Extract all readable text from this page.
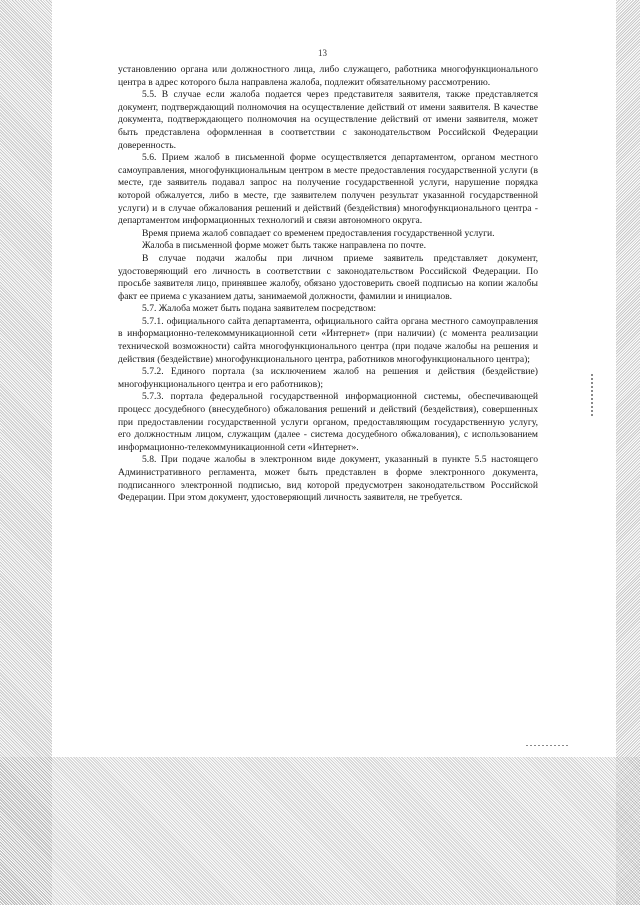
13

установлению органа или должностного лица, либо служащего, работника многофункционального центра в адрес которого была направлена жалоба, подлежит обязательному рассмотрению.

5.5. В случае если жалоба подается через представителя заявителя, также представляется документ, подтверждающий полномочия на осуществление действий от имени заявителя. В качестве документа, подтверждающего полномочия на осуществление действий от имени заявителя, может быть представлена оформленная в соответствии с законодательством Российской Федерации доверенность.

5.6. Прием жалоб в письменной форме осуществляется департаментом, органом местного самоуправления, многофункциональным центром в месте предоставления государственной услуги (в месте, где заявитель подавал запрос на получение государственной услуги, нарушение порядка которой обжалуется, либо в месте, где заявителем получен результат указанной государственной услуги) и в случае обжалования решений и действий (бездействия) многофункционального центра - департаментом информационных технологий и связи автономного округа.

Время приема жалоб совпадает со временем предоставления государственной услуги.

Жалоба в письменной форме может быть также направлена по почте.

В случае подачи жалобы при личном приеме заявитель представляет документ, удостоверяющий его личность в соответствии с законодательством Российской Федерации. По просьбе заявителя лицо, принявшее жалобу, обязано удостоверить своей подписью на копии жалобы факт ее приема с указанием даты, занимаемой должности, фамилии и инициалов.

5.7. Жалоба может быть подана заявителем посредством:

5.7.1. официального сайта департамента, официального сайта органа местного самоуправления в информационно-телекоммуникационной сети «Интернет» (при наличии) (с момента реализации технической возможности) сайта многофункционального центра (при подаче жалобы на решения и действия (бездействие) многофункционального центра, работников многофункционального центра);

5.7.2. Единого портала (за исключением жалоб на решения и действия (бездействие) многофункционального центра и его работников);

5.7.3. портала федеральной государственной информационной системы, обеспечивающей процесс досудебного (внесудебного) обжалования решений и действий (бездействия), совершенных при предоставлении государственной услуги органом, предоставляющим государственную услугу, его должностным лицом, служащим (далее - система досудебного обжалования), с использованием информационно-телекоммуникационной сети «Интернет».

5.8. При подаче жалобы в электронном виде документ, указанный в пункте 5.5 настоящего Административного регламента, может быть представлен в форме электронного документа, подписанного электронной подписью, вид которой предусмотрен законодательством Российской Федерации. При этом документ, удостоверяющий личность заявителя, не требуется.
